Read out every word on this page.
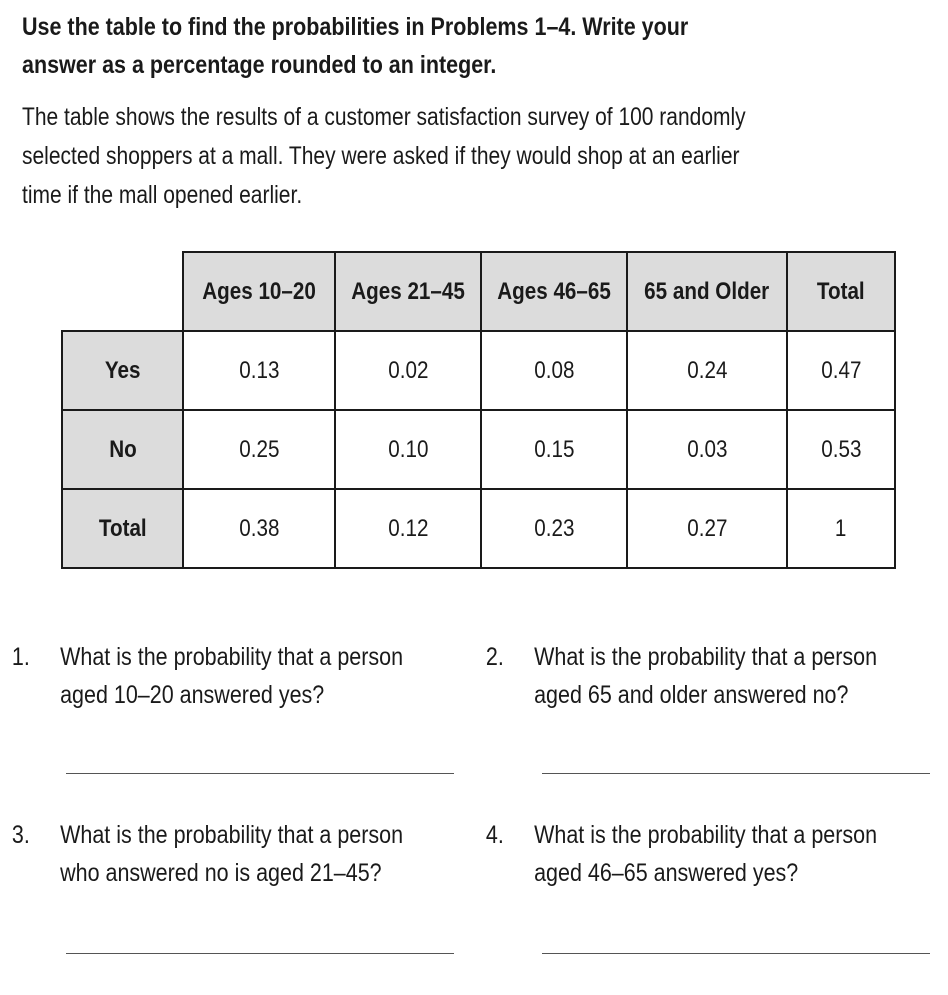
Use the table to find the probabilities in Problems 1–4. Write your answer as a percentage rounded to an integer.

The table shows the results of a customer satisfaction survey of 100 randomly selected shoppers at a mall. They were asked if they would shop at an earlier time if the mall opened earlier.

	Ages 10–20	Ages 21–45	Ages 46–65	65 and Older	Total
Yes	0.13	0.02	0.08	0.24	0.47
No	0.25	0.10	0.15	0.03	0.53
Total	0.38	0.12	0.23	0.27	1
1. What is the probability that a person
aged 10–20 answered yes?
2. What is the probability that a person
aged 65 and older answered no?
3. What is the probability that a person
who answered no is aged 21–45?
4. What is the probability that a person
aged 46–65 answered yes?
